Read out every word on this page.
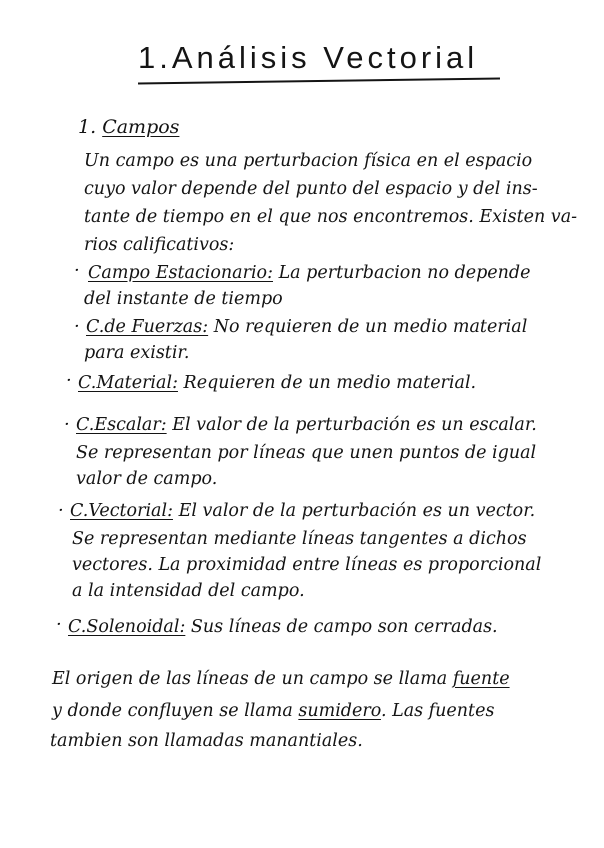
1.Análisis Vectorial
1. Campos
Un campo es una perturbacion física en el espacio
cuyo valor depende del punto del espacio y del ins-
tante de tiempo en el que nos encontremos. Existen va-
rios calificativos:
· Campo Estacionario: La perturbacion no depende
del instante de tiempo
· C.de Fuerzas: No requieren de un medio material
para existir.
· C.Material: Requieren de un medio material.
· C.Escalar: El valor de la perturbación es un escalar.
Se representan por líneas que unen puntos de igual
valor de campo.
· C.Vectorial: El valor de la perturbación es un vector.
Se representan mediante líneas tangentes a dichos
vectores. La proximidad entre líneas es proporcional
a la intensidad del campo.
· C.Solenoidal: Sus líneas de campo son cerradas.
El origen de las líneas de un campo se llama fuente
y donde confluyen se llama sumidero. Las fuentes
tambien son llamadas manantiales.
